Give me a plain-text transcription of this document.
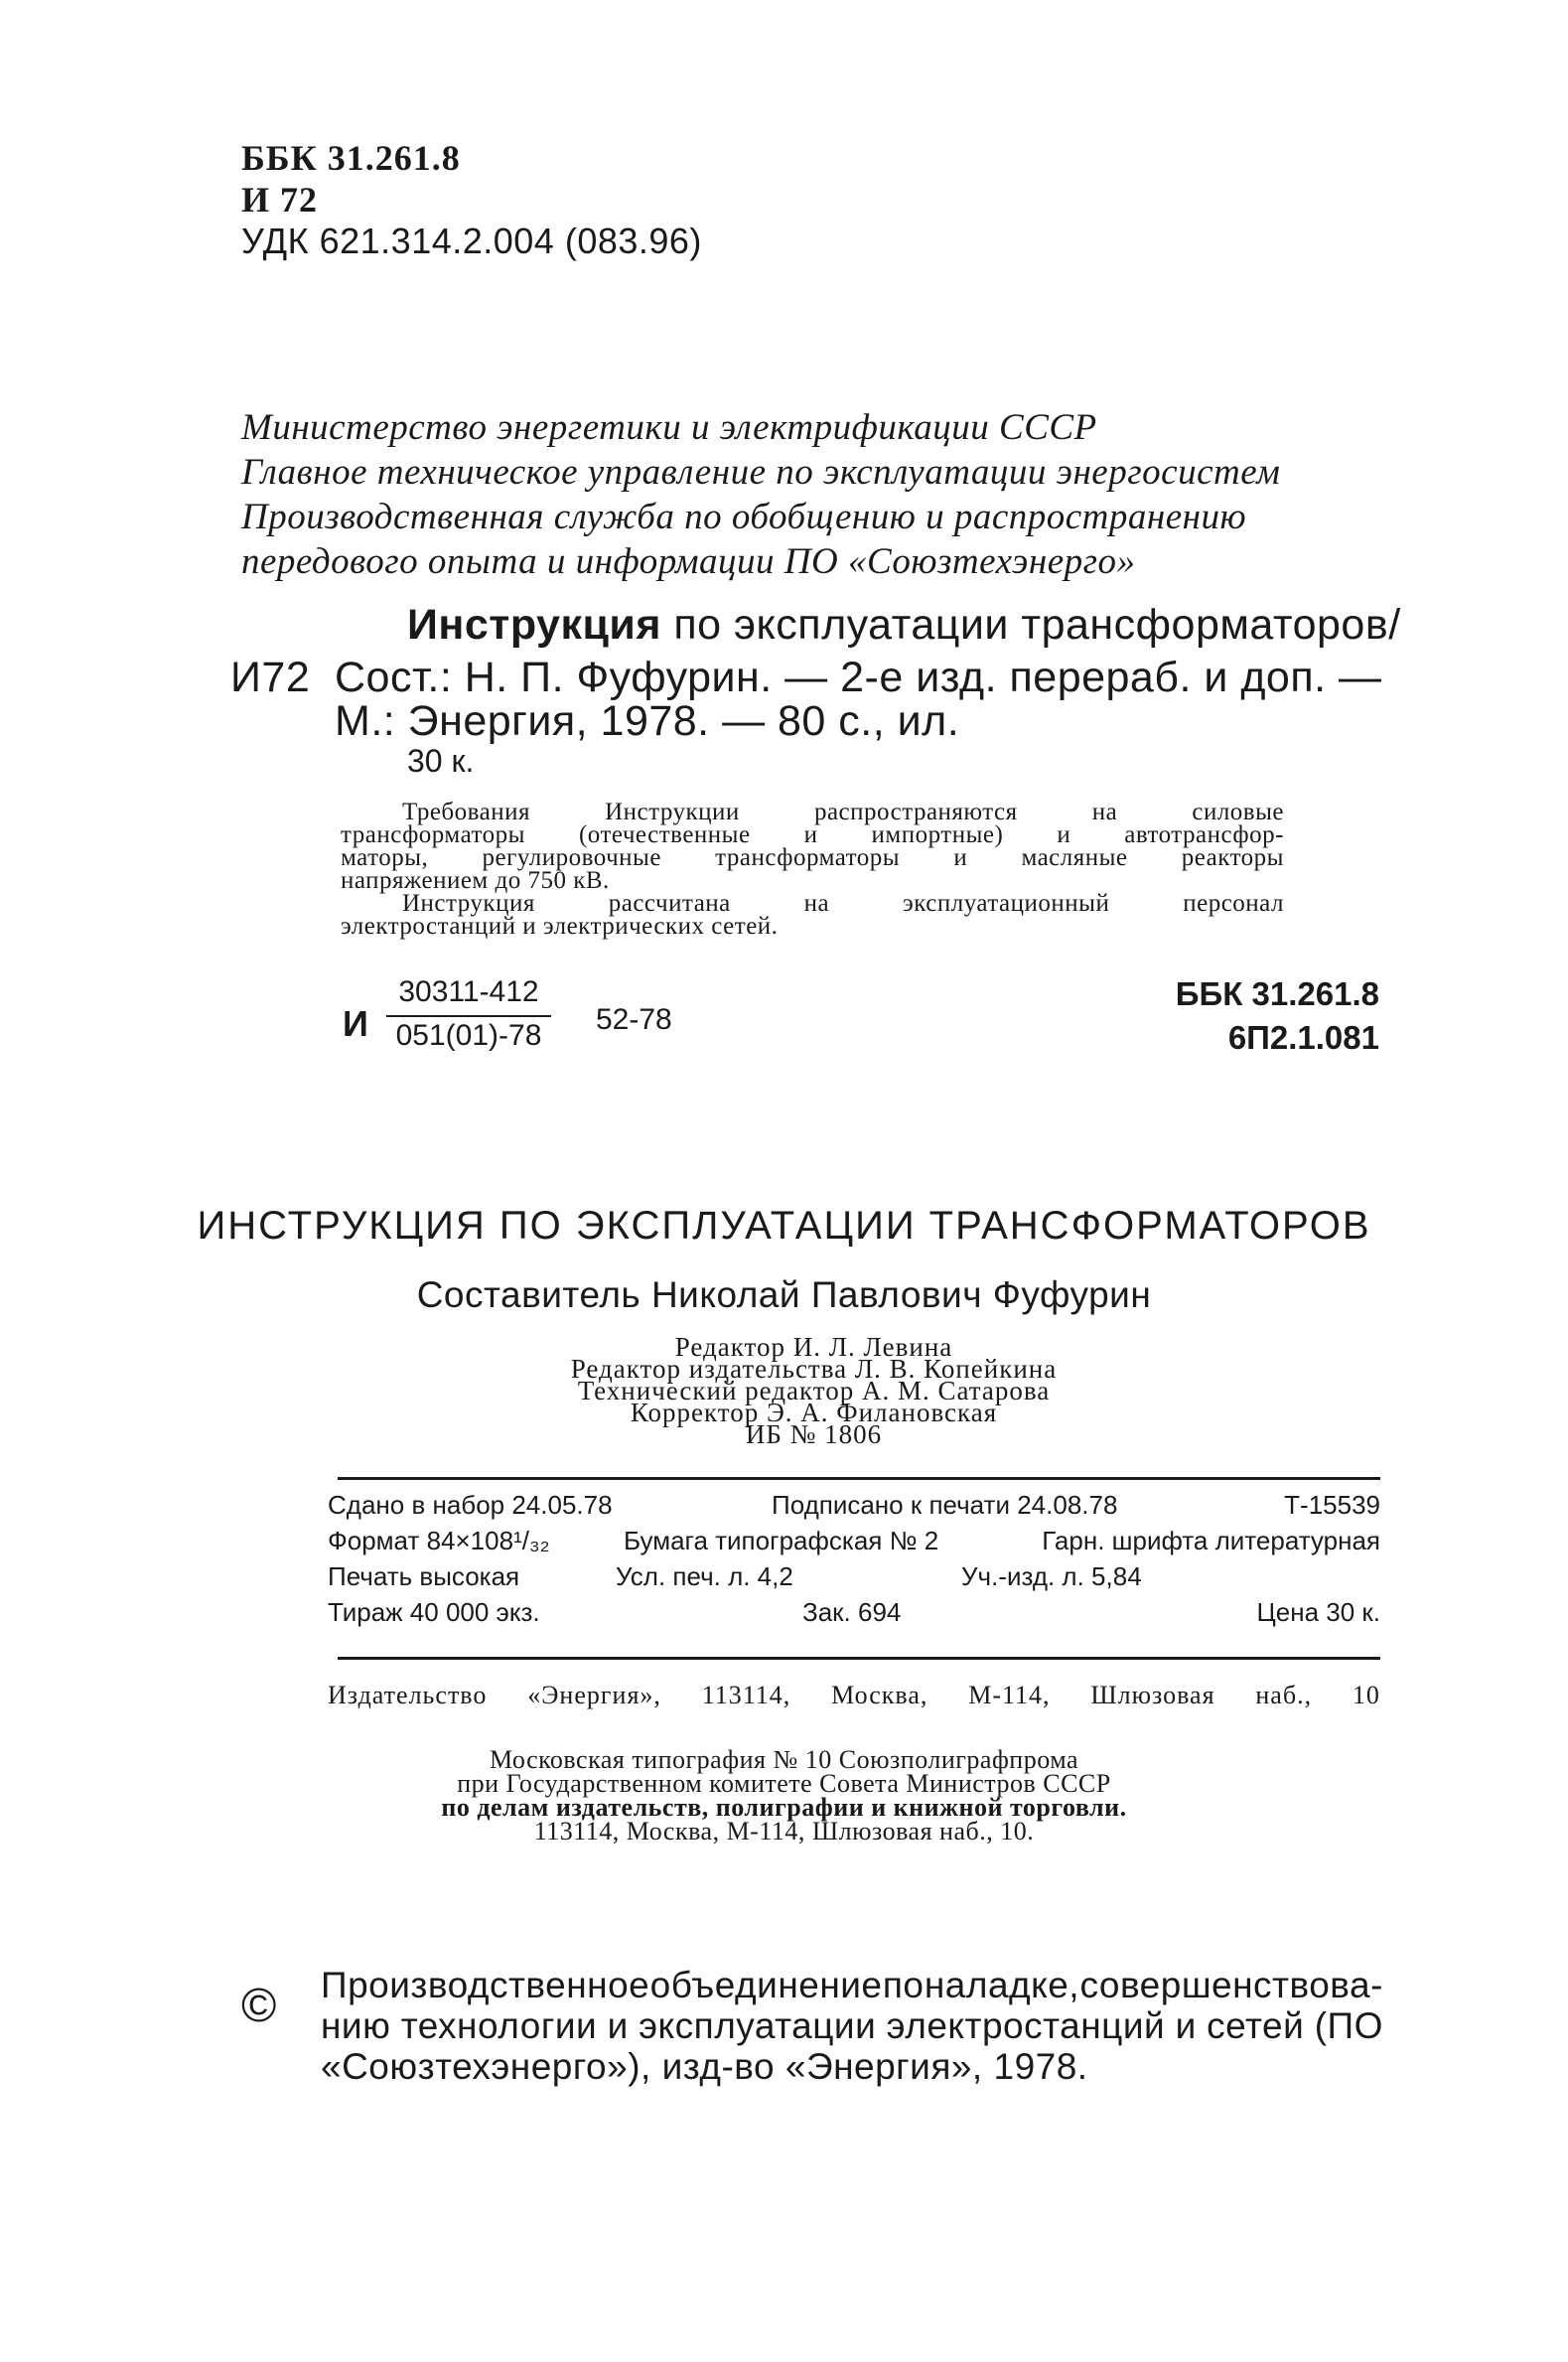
ББК 31.261.8
И 72
УДК 621.314.2.004 (083.96)
Министерство энергетики и электрификации СССР
Главное техническое управление по эксплуатации энергосистем
Производственная служба по обобщению и распространению
передового опыта и информации ПО «Союзтехэнерго»
Инструкция по эксплуатации трансформаторов/
И72 Сост.: Н. П. Фуфурин. — 2-е изд. перераб. и доп. —
М.: Энергия, 1978. — 80 с., ил.
30 к.
Требования	Инструкции	распространяются	на	силовые
трансформаторы (отечественные и импортные) и автотрансфор-
маторы, регулировочные трансформаторы и масляные реакторы
напряжением до 750 кВ.
Инструкция	рассчитана	на	эксплуатационный	персонал
электростанций и электрических сетей.
И
30311-412
051(01)-78	52-78
ББК 31.261.8
6П2.1.081
ИНСТРУКЦИЯ ПО ЭКСПЛУАТАЦИИ ТРАНСФОРМАТОРОВ
Составитель Николай Павлович Фуфурин
Редактор И. Л. Левина
Редактор издательства Л. В. Копейкина
Технический редактор А. М. Сатарова
Корректор Э. А. Филановская
ИБ № 1806
Сдано в набор 24.05.78	Подписано к печати 24.08.78	Т-15539
Формат 84×108¹/₃₂	Бумага типографская № 2	Гарн. шрифта литературная
Печать высокая	Усл. печ. л. 4,2	Уч.-изд. л. 5,84
Тираж 40 000 экз.	Зак. 694	Цена 30 к.
Издательство «Энергия», 113114, Москва, М-114, Шлюзовая наб., 10
Московская типография № 10 Союзполиграфпрома
при Государственном комитете Совета Министров СССР
по делам издательств, полиграфии и книжной торговли.
113114, Москва, М-114, Шлюзовая наб., 10.
© Производственное объединение по наладке, совершенствова-
нию технологии и эксплуатации электростанций и сетей (ПО
«Союзтехэнерго»), изд-во «Энергия», 1978.
